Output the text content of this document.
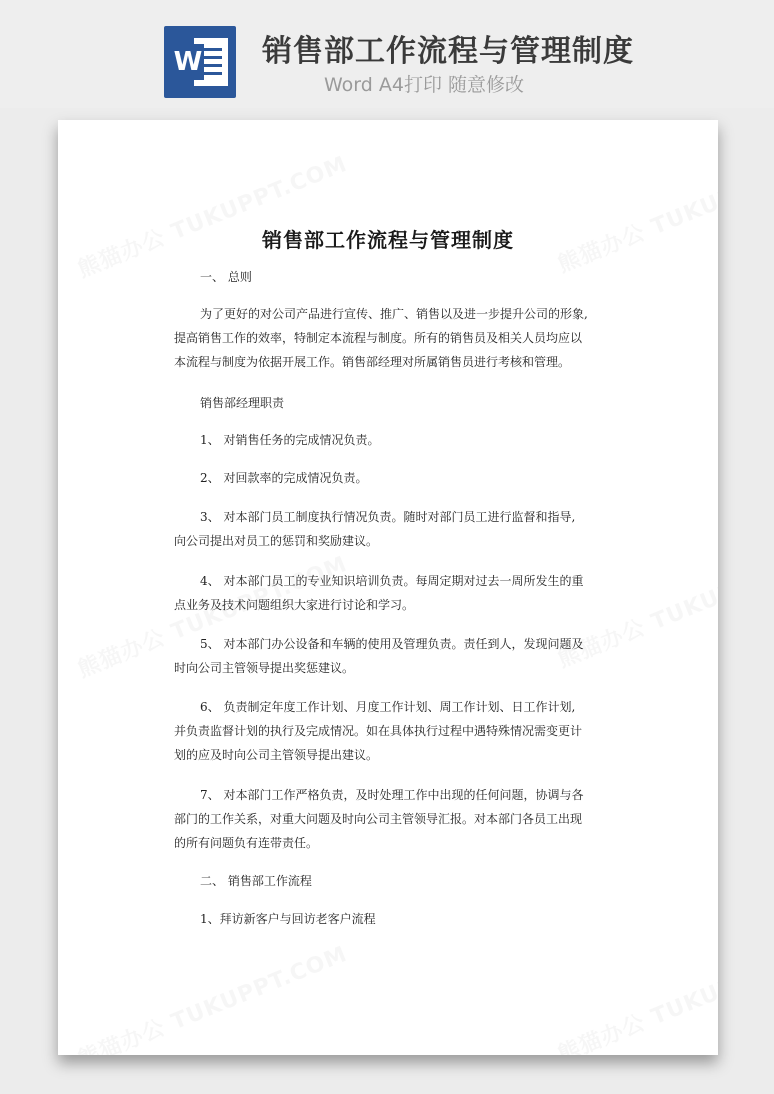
W 销售部工作流程与管理制度
Word A4打印 随意修改
销售部工作流程与管理制度
一、 总则
为了更好的对公司产品进行宣传、推广、销售以及进一步提升公司的形象,
提高销售工作的效率，特制定本流程与制度。所有的销售员及相关人员均应以
本流程与制度为依据开展工作。销售部经理对所属销售员进行考核和管理。
销售部经理职责
1、 对销售任务的完成情况负责。
2、 对回款率的完成情况负责。
3、 对本部门员工制度执行情况负责。随时对部门员工进行监督和指导,
向公司提出对员工的惩罚和奖励建议。
4、 对本部门员工的专业知识培训负责。每周定期对过去一周所发生的重
点业务及技术问题组织大家进行讨论和学习。
5、 对本部门办公设备和车辆的使用及管理负责。责任到人，发现问题及
时向公司主管领导提出奖惩建议。
6、 负责制定年度工作计划、月度工作计划、周工作计划、日工作计划,
并负责监督计划的执行及完成情况。如在具体执行过程中遇特殊情况需变更计
划的应及时向公司主管领导提出建议。
7、 对本部门工作严格负责，及时处理工作中出现的任何问题，协调与各
部门的工作关系，对重大问题及时向公司主管领导汇报。对本部门各员工出现
的所有问题负有连带责任。
二、 销售部工作流程
1、拜访新客户与回访老客户流程
